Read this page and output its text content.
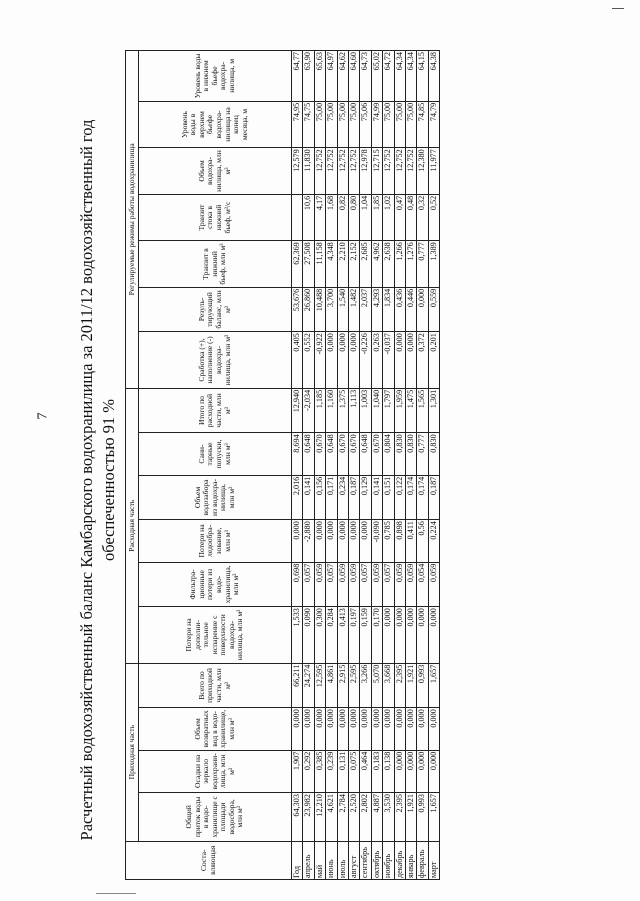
7	Расчетный водохозяйственный баланс Камбарского водохранилища за 2011/12 водохозяйственный год обеспеченностью 91 %
Соста-вляющая	Приходная часть				Расходная часть						Регулируемые режимы работы водохранилища						
	Общий приток воды в водо-хранилище с площади водосбора, млн м³	Осадки на зеркало водохрани-лища, млн м³	Объем возвратных вод в водо-хранилище, млн м³	Всего по приходной части, млн м³	Потери на дополни-тельное испарение с поверхности водохра-нилища, млн м³	Фильтра-ционные потери из водо-хранилища, млн м³	Потери на ледообра-зование, млн м³	Объем водозабора из водохра-нилища, млн м³	Сани-тарные попуски, млн м³	Итого по расходной части, млн м³	Сработка (+), наполнение (-) водохра-нилища, млн м³	Резуль-тирующий баланс, млн м³	Транзит в нижний бьеф, млн м³	Транзит стока в нижний бьеф, м³/с	Объем водохра-нилища, млн м³	Уровень воды в верхнем бьефе водохра-нилища на конец месяца, м	Уровень воды в нижнем бьефе водохра-нилища, м
Год	64,303	1,907	0,000	66,211	1,533	0,698	0,000	2,016	8,694	12,940	0,405	53,676	62,369		12,579	74,95	64,77
апрель	23,982	0,292	0,000	24,274	0,090	0,057	-2,880	0,141	0,648	-2,034	0,552	26,860	27,508	10,6	11,830	74,75	63,90
май	12,210	0,385	0,000	12,595	0,300	0,059	0,000	0,156	0,670	1,185	-0,922	10,488	11,158	4,17	12,752	75,00	65,63
июнь	4,621	0,239	0,000	4,861	0,284	0,057	0,000	0,171	0,648	1,160	0,000	3,700	4,348	1,68	12,752	75,00	64,97
июль	2,784	0,131	0,000	2,915	0,413	0,059	0,000	0,234	0,670	1,375	0,000	1,540	2,210	0,82	12,752	75,00	64,62
август	2,520	0,075	0,000	2,595	0,197	0,059	0,000	0,187	0,670	1,113	0,000	1,482	2,152	0,80	12,752	75,00	64,60
сентябрь	2,802	0,464	0,000	3,266	0,159	0,057	0,000	0,129	0,648	1,003	-0,226	2,037	2,685	1,04	12,978	75,06	64,73
октябрь	4,887	0,183	0,000	5,070	0,170	0,059	-0,090	0,141	0,670	1,040	0,263	4,293	4,962	1,85	12,715	74,99	65,02
ноябрь	3,530	0,138	0,000	3,668	0,000	0,057	0,785	0,151	0,804	1,797	-0,037	1,834	2,638	1,02	12,752	75,00	64,72
декабрь	2,395	0,000	0,000	2,395	0,000	0,059	0,898	0,122	0,830	1,959	0,000	0,436	1,266	0,47	12,752	75,00	64,34
январь	1,921	0,000	0,000	1,921	0,000	0,059	0,411	0,174	0,830	1,475	0,000	0,446	1,276	0,48	12,752	75,00	64,34
февраль	0,993	0,000	0,000	0,993	0,000	0,054	0,56	0,174	0,777	1,565	0,372	0,000	0,777	0,32	12,380	74,85	64,15
март	1,657	0,000	0,000	1,657	0,000	0,059	0,224	0,187	0,830	1,301	0,201	0,559	1,389	0,52	11,977	74,79	64,38
